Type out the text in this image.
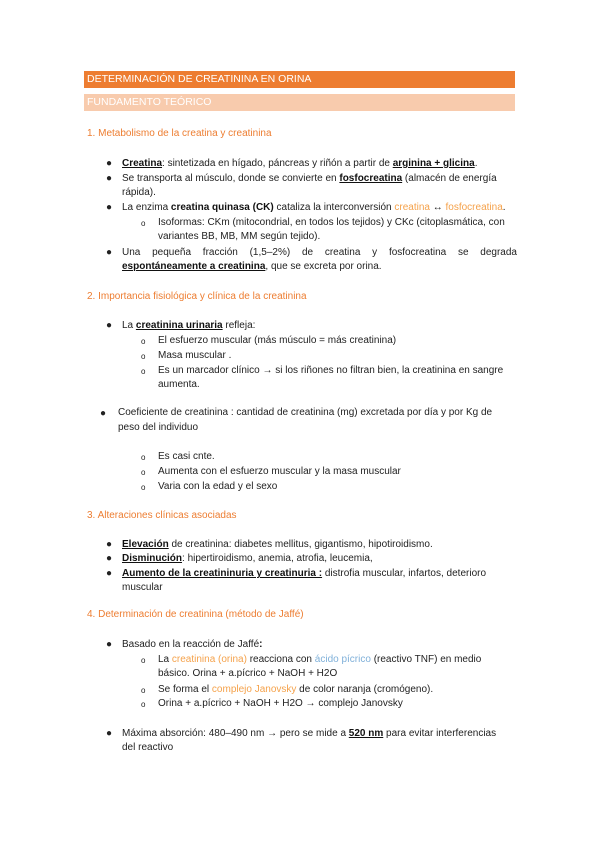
DETERMINACIÓN DE CREATININA EN ORINA
FUNDAMENTO TEÓRICO
1. Metabolismo de la creatina y creatinina
● Creatina: sintetizada en hígado, páncreas y riñón a partir de arginina + glicina.
● Se transporta al músculo, donde se convierte en fosfocreatina (almacén de energía
rápida).
● La enzima creatina quinasa (CK) cataliza la interconversión creatina ↔ fosfocreatina.
o Isoformas: CKm (mitocondrial, en todos los tejidos) y CKc (citoplasmática, con
variantes BB, MB, MM según tejido).
● Una pequeña fracción (1,5–2%) de creatina y fosfocreatina se degrada
espontáneamente a creatinina, que se excreta por orina.
2. Importancia fisiológica y clínica de la creatinina
● La creatinina urinaria refleja:
o El esfuerzo muscular (más músculo = más creatinina)
o Masa muscular .
o Es un marcador clínico → si los riñones no filtran bien, la creatinina en sangre
aumenta.
● Coeficiente de creatinina : cantidad de creatinina (mg) excretada por día y por Kg de
peso del individuo
o Es casi cnte.
o Aumenta con el esfuerzo muscular y la masa muscular
o Varia con la edad y el sexo
3. Alteraciones clínicas asociadas
● Elevación de creatinina: diabetes mellitus, gigantismo, hipotiroidismo.
● Disminución: hipertiroidismo, anemia, atrofia, leucemia,
● Aumento de la creatininuria y creatinuria : distrofia muscular, infartos, deterioro
muscular
4. Determinación de creatinina (método de Jaffé)
● Basado en la reacción de Jaffé:
o La creatinina (orina) reacciona con ácido pícrico (reactivo TNF) en medio
básico. Orina + a.pícrico + NaOH + H2O
o Se forma el complejo Janovsky de color naranja (cromógeno).
o Orina + a.pícrico + NaOH + H2O → complejo Janovsky
● Máxima absorción: 480–490 nm → pero se mide a 520 nm para evitar interferencias
del reactivo
